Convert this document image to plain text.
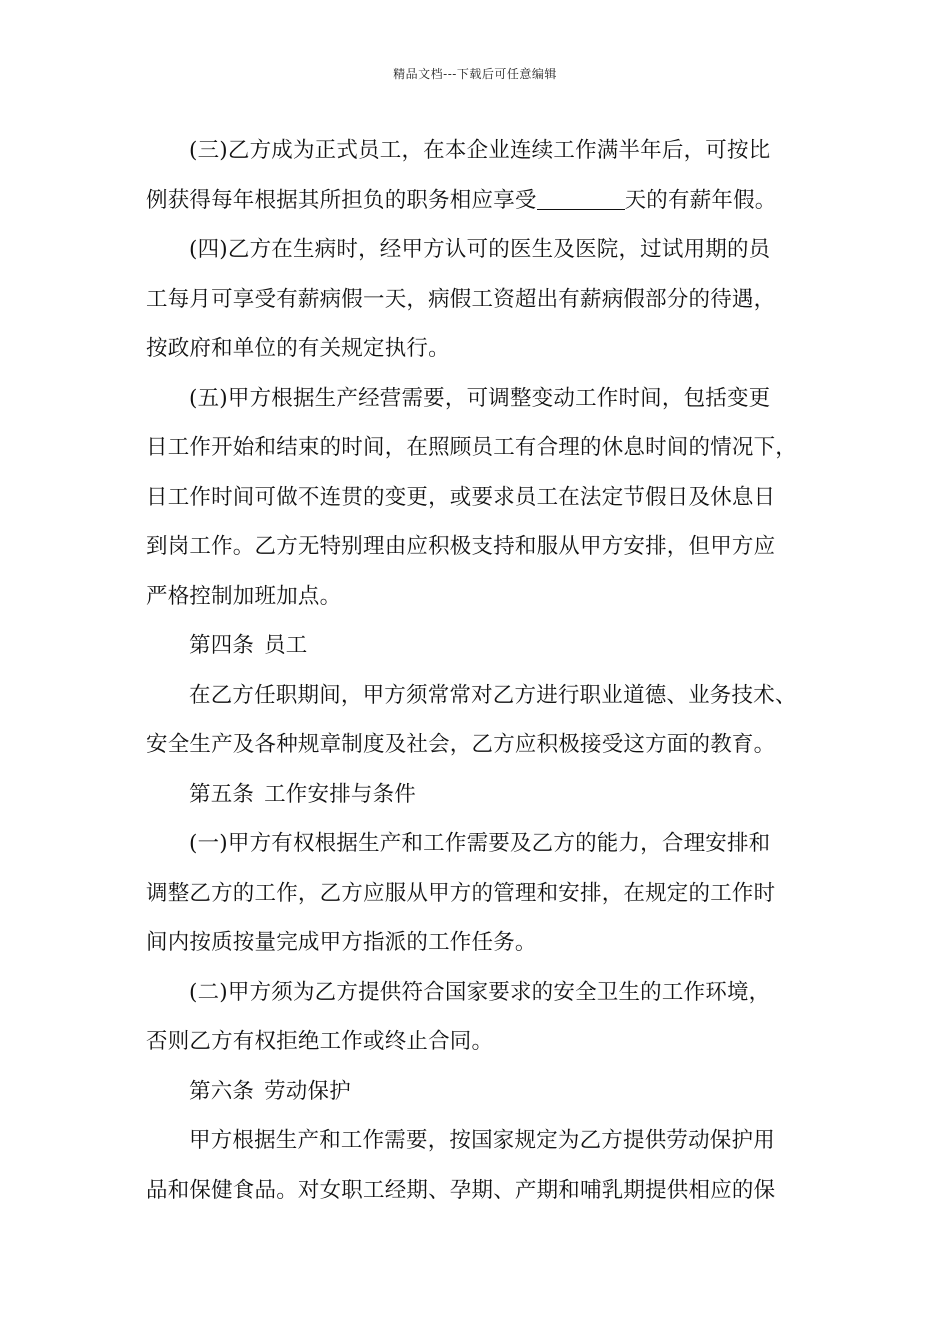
精品文档---下载后可任意编辑
(三)乙方成为正式员工，在本企业连续工作满半年后，可按比
例获得每年根据其所担负的职务相应享受	天的有薪年假。
(四)乙方在生病时，经甲方认可的医生及医院，过试用期的员
工每月可享受有薪病假一天，病假工资超出有薪病假部分的待遇，
按政府和单位的有关规定执行。
(五)甲方根据生产经营需要，可调整变动工作时间，包括变更
日工作开始和结束的时间，在照顾员工有合理的休息时间的情况下，
日工作时间可做不连贯的变更，或要求员工在法定节假日及休息日
到岗工作。乙方无特别理由应积极支持和服从甲方安排，但甲方应
严格控制加班加点。
第四条 员工
在乙方任职期间，甲方须常常对乙方进行职业道德、业务技术、
安全生产及各种规章制度及社会，乙方应积极接受这方面的教育。
第五条 工作安排与条件
(一)甲方有权根据生产和工作需要及乙方的能力，合理安排和
调整乙方的工作，乙方应服从甲方的管理和安排，在规定的工作时
间内按质按量完成甲方指派的工作任务。
(二)甲方须为乙方提供符合国家要求的安全卫生的工作环境，
否则乙方有权拒绝工作或终止合同。
第六条 劳动保护
甲方根据生产和工作需要，按国家规定为乙方提供劳动保护用
品和保健食品。对女职工经期、孕期、产期和哺乳期提供相应的保
